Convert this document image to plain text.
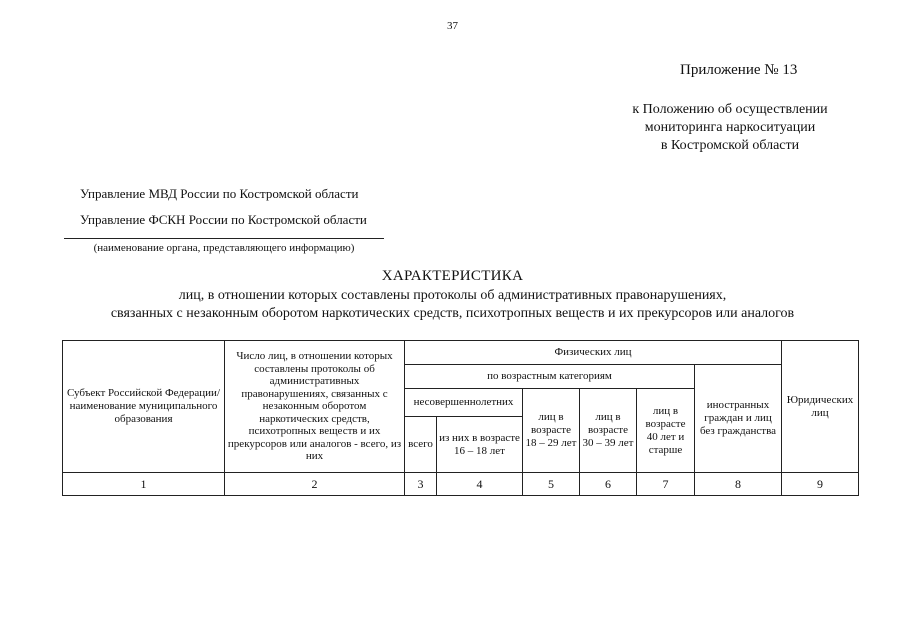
37
Приложение № 13
к Положению об осуществлении
мониторинга наркоситуации
в Костромской области
Управление МВД России по Костромской области
Управление ФСКН России по Костромской области
(наименование органа, представляющего информацию)
ХАРАКТЕРИСТИКА
лиц, в отношении которых составлены протоколы об административных правонарушениях,
связанных с незаконным оборотом наркотических средств, психотропных веществ и их прекурсоров или аналогов
Субъект Российской Федерации/наименование муниципального образования	Число лиц, в отношении которых составлены протоколы об административных правонарушениях, связанных с незаконным оборотом наркотических средств, психотропных веществ и их прекурсоров или аналогов - всего, из них	Физических лиц						Юридических лиц
		по возрастным категориям					иностранных граждан и лиц без гражданства	
		несовершеннолетних		лиц в возрасте 18 – 29 лет	лиц в возрасте 30 – 39 лет	лиц в возрасте 40 лет и старше		
		всего	из них в возрасте 16 – 18 лет					
1	2	3	4	5	6	7	8	9
